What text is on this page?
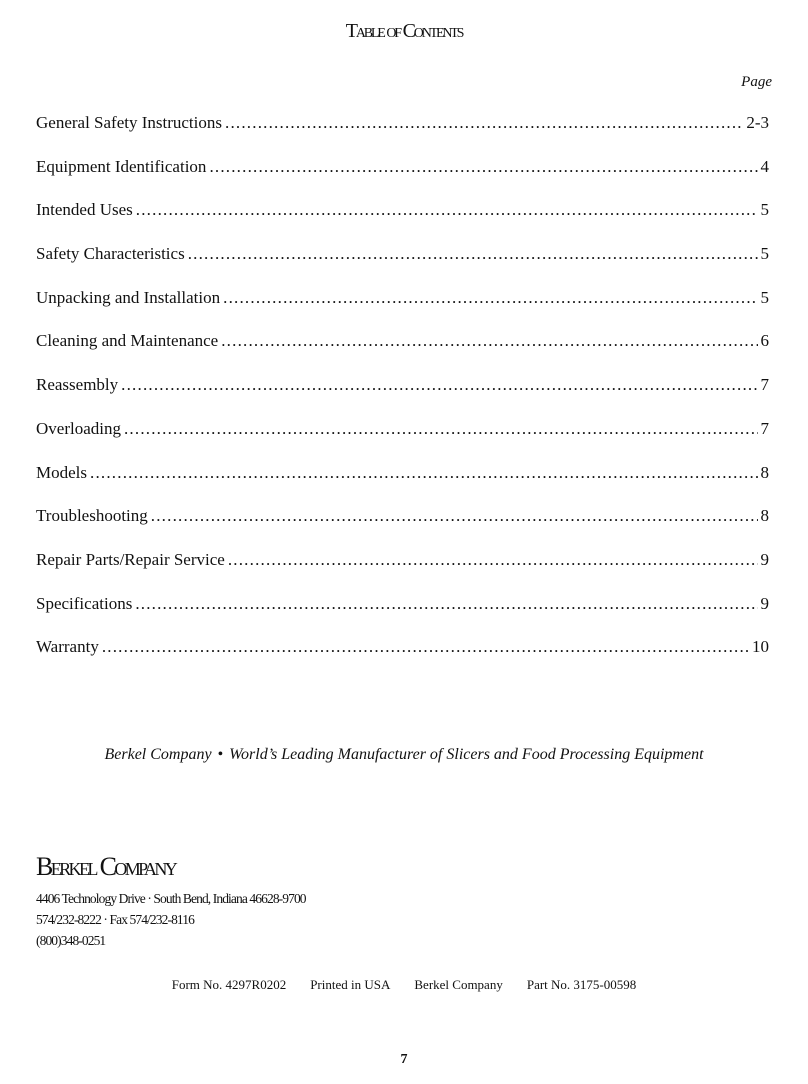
Table of Contents
Page
General Safety Instructions .....	2-3
Equipment Identification .....	4
Intended Uses .....	5
Safety Characteristics .....	5
Unpacking and Installation .....	5
Cleaning and Maintenance .....	6
Reassembly .....	7
Overloading .....	7
Models .....	8
Troubleshooting .....	8
Repair Parts/Repair Service .....	9
Specifications .....	9
Warranty .....	10
Berkel Company • World’s Leading Manufacturer of Slicers and Food Processing Equipment
Berkel Company
4406 Technology Drive · South Bend, Indiana 46628-9700
574/232-8222 · Fax 574/232-8116
(800)348-0251
Form No. 4297R0202 Printed in USA Berkel Company Part No. 3175-00598
7
